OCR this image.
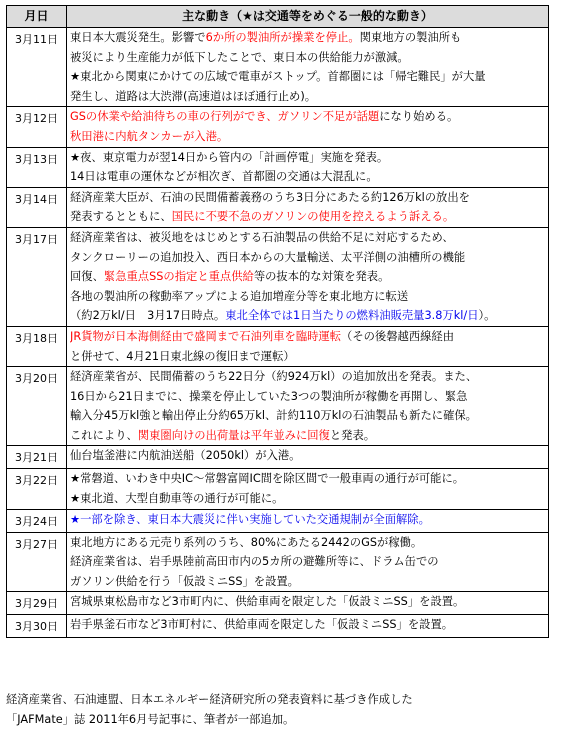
月日	主な動き（★は交通等をめぐる一般的な動き）
3月11日	東日本大震災発生。影響で6か所の製油所が操業を停止。関東地方の製油所も
被災により生産能力が低下したことで、東日本の供給能力が激減。
★東北から関東にかけての広域で電車がストップ。首都圏には「帰宅難民」が大量
発生し、道路は大渋滞(高速道はほぼ通行止め)。

3月12日	GSの休業や給油待ちの車の行列ができ、ガソリン不足が話題になり始める。
秋田港に内航タンカーが入港。

3月13日	★夜、東京電力が翌14日から管内の「計画停電」実施を発表。
14日は電車の運休などが相次ぎ、首都圏の交通は大混乱に。

3月14日	経済産業大臣が、石油の民間備蓄義務のうち3日分にあたる約126万klの放出を
発表するとともに、国民に不要不急のガソリンの使用を控えるよう訴える。

3月17日	経済産業省は、被災地をはじめとする石油製品の供給不足に対応するため、
タンクローリーの追加投入、西日本からの大量輸送、太平洋側の油槽所の機能
回復、緊急重点SSの指定と重点供給等の抜本的な対策を発表。
各地の製油所の稼動率アップによる追加増産分等を東北地方に転送
（約2万kl/日　3月17日時点。東北全体では1日当たりの燃料油販売量3.8万kl/日）。

3月18日	JR貨物が日本海側経由で盛岡まで石油列車を臨時運転（その後磐越西線経由
と併せて、4月21日東北線の復旧まで運転）

3月20日	経済産業省が、民間備蓄のうち22日分（約924万kl）の追加放出を発表。また、
16日から21日までに、操業を停止していた3つの製油所が稼働を再開し、緊急
輸入分45万kl強と輸出停止分約65万kl、計約110万klの石油製品も新たに確保。
これにより、関東圏向けの出荷量は平年並みに回復と発表。

3月21日	仙台塩釜港に内航油送船（2050kl）が入港。

3月22日	★常磐道、いわき中央IC～常磐富岡IC間を除区間で一般車両の通行が可能に。
★東北道、大型自動車等の通行が可能に。

3月24日	★一部を除き、東日本大震災に伴い実施していた交通規制が全面解除。

3月27日	東北地方にある元売り系列のうち、80%にあたる2442のGSが稼働。
経済産業省は、岩手県陸前高田市内の5カ所の避難所等に、ドラム缶での
ガソリン供給を行う「仮設ミニSS」を設置。

3月29日	宮城県東松島市など3市町内に、供給車両を限定した「仮設ミニSS」を設置。

3月30日	岩手県釜石市など3市町村に、供給車両を限定した「仮設ミニSS」を設置。
経済産業省、石油連盟、日本エネルギー経済研究所の発表資料に基づき作成した
「JAFMate」誌 2011年6月号記事に、筆者が一部追加。
